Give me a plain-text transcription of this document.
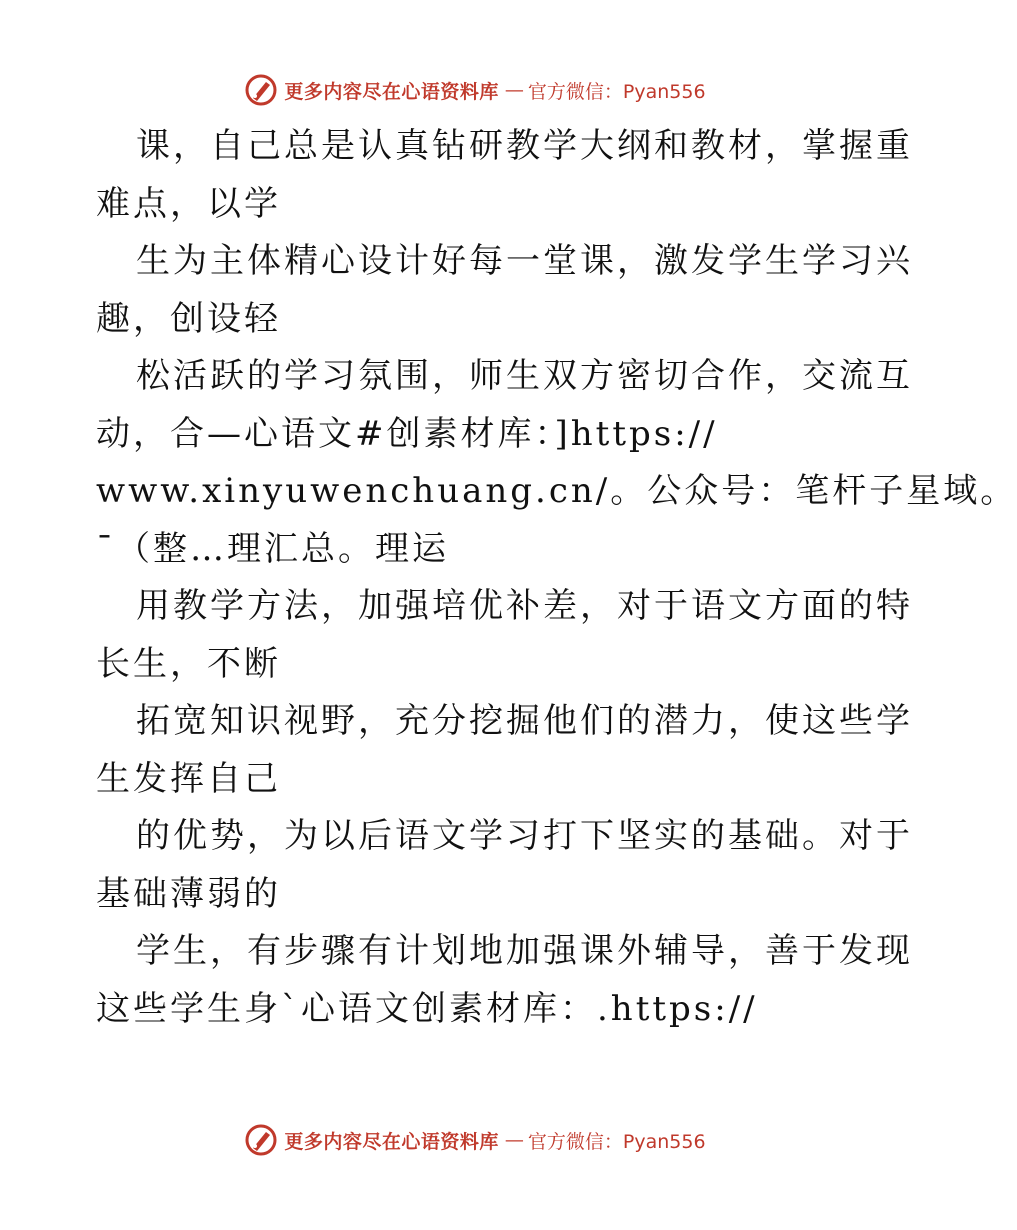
更多内容尽在心语资料库 — 官方微信：Pyan556
课，自己总是认真钻研教学大纲和教材，掌握重
难点，以学
生为主体精心设计好每一堂课，激发学生学习兴
趣，创设轻
松活跃的学习氛围，师生双方密切合作，交流互
动，合—心语文#创素材库：]https://
www.xinyuwenchuang.cn/。公众号：笔杆子星域。
¯（整…理汇总。理运
用教学方法，加强培优补差，对于语文方面的特
长生，不断
拓宽知识视野，充分挖掘他们的潜力，使这些学
生发挥自己
的优势，为以后语文学习打下坚实的基础。对于
基础薄弱的
学生，有步骤有计划地加强课外辅导，善于发现
这些学生身`心语文创素材库：.https://
更多内容尽在心语资料库 — 官方微信：Pyan556
